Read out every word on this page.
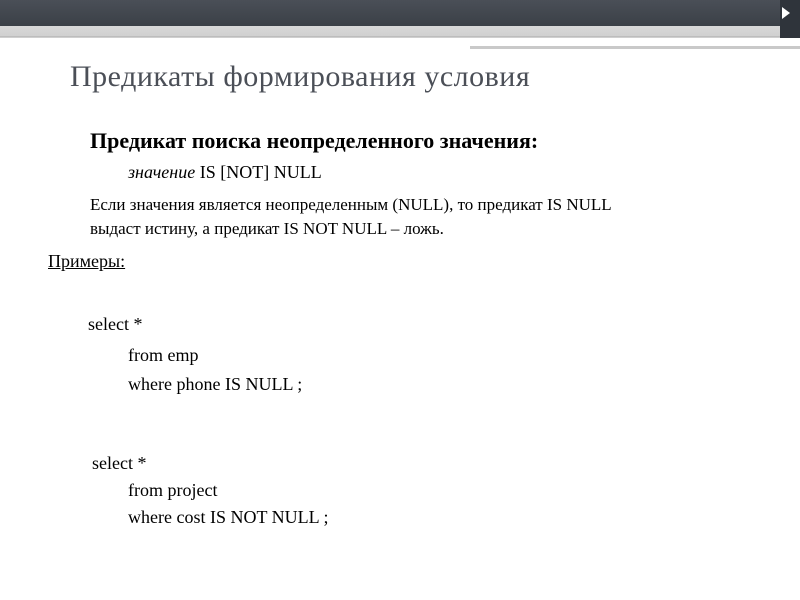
Предикаты формирования условия
Предикат поиска неопределенного значения:
значение IS [NOT] NULL
Если значения является неопределенным (NULL), то предикат IS NULL
выдаст истину, а предикат IS NOT NULL – ложь.
Примеры:
select *
from emp
where phone IS NULL ;
select *
from project
where cost IS NOT NULL ;
